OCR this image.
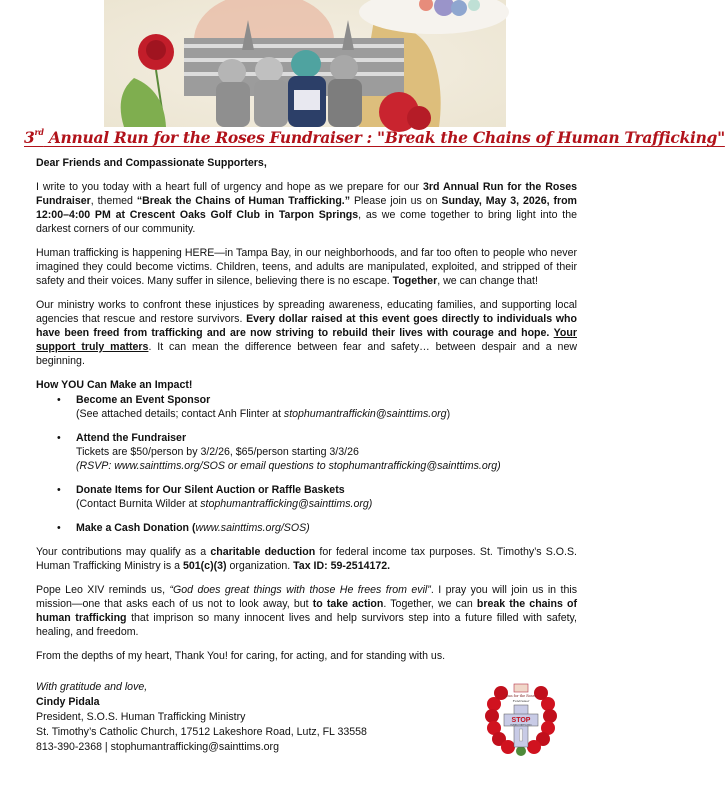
3rd Annual Run for the Roses Fundraiser : "Break the Chains of Human Trafficking"

Dear Friends and Compassionate Supporters,

I write to you today with a heart full of urgency and hope as we prepare for our 3rd Annual Run for the Roses Fundraiser, themed “Break the Chains of Human Trafficking.” Please join us on Sunday, May 3, 2026, from 12:00–4:00 PM at Crescent Oaks Golf Club in Tarpon Springs, as we come together to bring light into the darkest corners of our community.

Human trafficking is happening HERE—in Tampa Bay, in our neighborhoods, and far too often to people who never imagined they could become victims. Children, teens, and adults are manipulated, exploited, and stripped of their safety and their voices. Many suffer in silence, believing there is no escape. Together, we can change that!

Our ministry works to confront these injustices by spreading awareness, educating families, and supporting local agencies that rescue and restore survivors. Every dollar raised at this event goes directly to individuals who have been freed from trafficking and are now striving to rebuild their lives with courage and hope. Your support truly matters. It can mean the difference between fear and safety… between despair and a new beginning.

How YOU Can Make an Impact!

• Become an Event Sponsor
(See attached details; contact Anh Flinter at stophumantraffickin@sainttims.org)
• Attend the Fundraiser
Tickets are $50/person by 3/2/26, $65/person starting 3/3/26
(RSVP: www.sainttims.org/SOS or email questions to stophumantrafficking@sainttims.org)
• Donate Items for Our Silent Auction or Raffle Baskets
(Contact Burnita Wilder at stophumantrafficking@sainttims.org)
• Make a Cash Donation (www.sainttims.org/SOS)

Your contributions may qualify as a charitable deduction for federal income tax purposes. St. Timothy’s S.O.S. Human Trafficking Ministry is a 501(c)(3) organization. Tax ID: 59-2514172.

Pope Leo XIV reminds us, “God does great things with those He frees from evil”. I pray you will join us in this mission—one that asks each of us not to look away, but to take action. Together, we can break the chains of human trafficking that imprison so many innocent lives and help survivors step into a future filled with safety, healing, and freedom.

From the depths of my heart, Thank You! for caring, for acting, and for standing with us.

With gratitude and love,
Cindy Pidala
President, S.O.S. Human Trafficking Ministry
St. Timothy’s Catholic Church, 17512 Lakeshore Road, Lutz, FL 33558
813-390-2368 | stophumantrafficking@sainttims.org
Run for the Roses
Fundraiser
STOP
HUMAN TRAFFICKING
